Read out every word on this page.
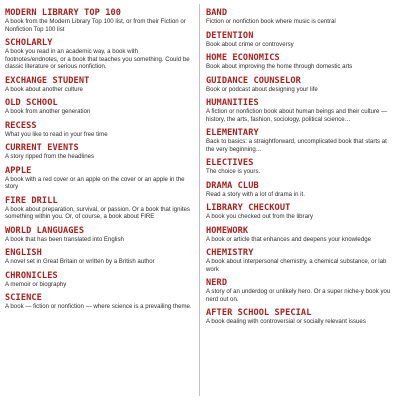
MODERN LIBRARY TOP 100
A book from the Modern Library Top 100 list, or from their Fiction or Nonfiction Top 100 list
SCHOLARLY
A book you read in an academic way, a book with footnotes/endnotes, or a book that teaches you something. Could be classic literature or serious nonfiction.
EXCHANGE STUDENT
A book about another culture
OLD SCHOOL
A book from another generation
RECESS
What you like to read in your free time
CURRENT EVENTS
A story ripped from the headlines
APPLE
A book with a red cover or an apple on the cover or an apple in the story
FIRE DRILL
A book about preparation, survival, or passion. Or a book that ignites something within you. Or, of course, a book about FIRE
WORLD LANGUAGES
A book that has been translated into English
ENGLISH
A novel set in Great Britain or written by a British author
CHRONICLES
A memoir or biography
SCIENCE
A book — fiction or nonfiction — where science is a prevailing theme.
BAND
Fiction or nonfiction book where music is central
DETENTION
Book about crime or controversy
HOME ECONOMICS
Book about improving the home through domestic arts
GUIDANCE COUNSELOR
Book or podcast about designing your life
HUMANITIES
A fiction or nonfiction book about human beings and their culture — history, the arts, fashion, sociology, political science…
ELEMENTARY
Back to basics: a straightforward, uncomplicated book that starts at the very beginning…
ELECTIVES
The choice is yours.
DRAMA CLUB
Read a story with a lot of drama in it.
LIBRARY CHECKOUT
A book you checked out from the library
HOMEWORK
A book or article that enhances and deepens your knowledge
CHEMISTRY
A book about interpersonal chemistry, a chemical substance, or lab work
NERD
A story of an underdog or unlikely hero. Or a super niche-y book you nerd out on.
AFTER SCHOOL SPECIAL
A book dealing with controversial or socially relevant issues
